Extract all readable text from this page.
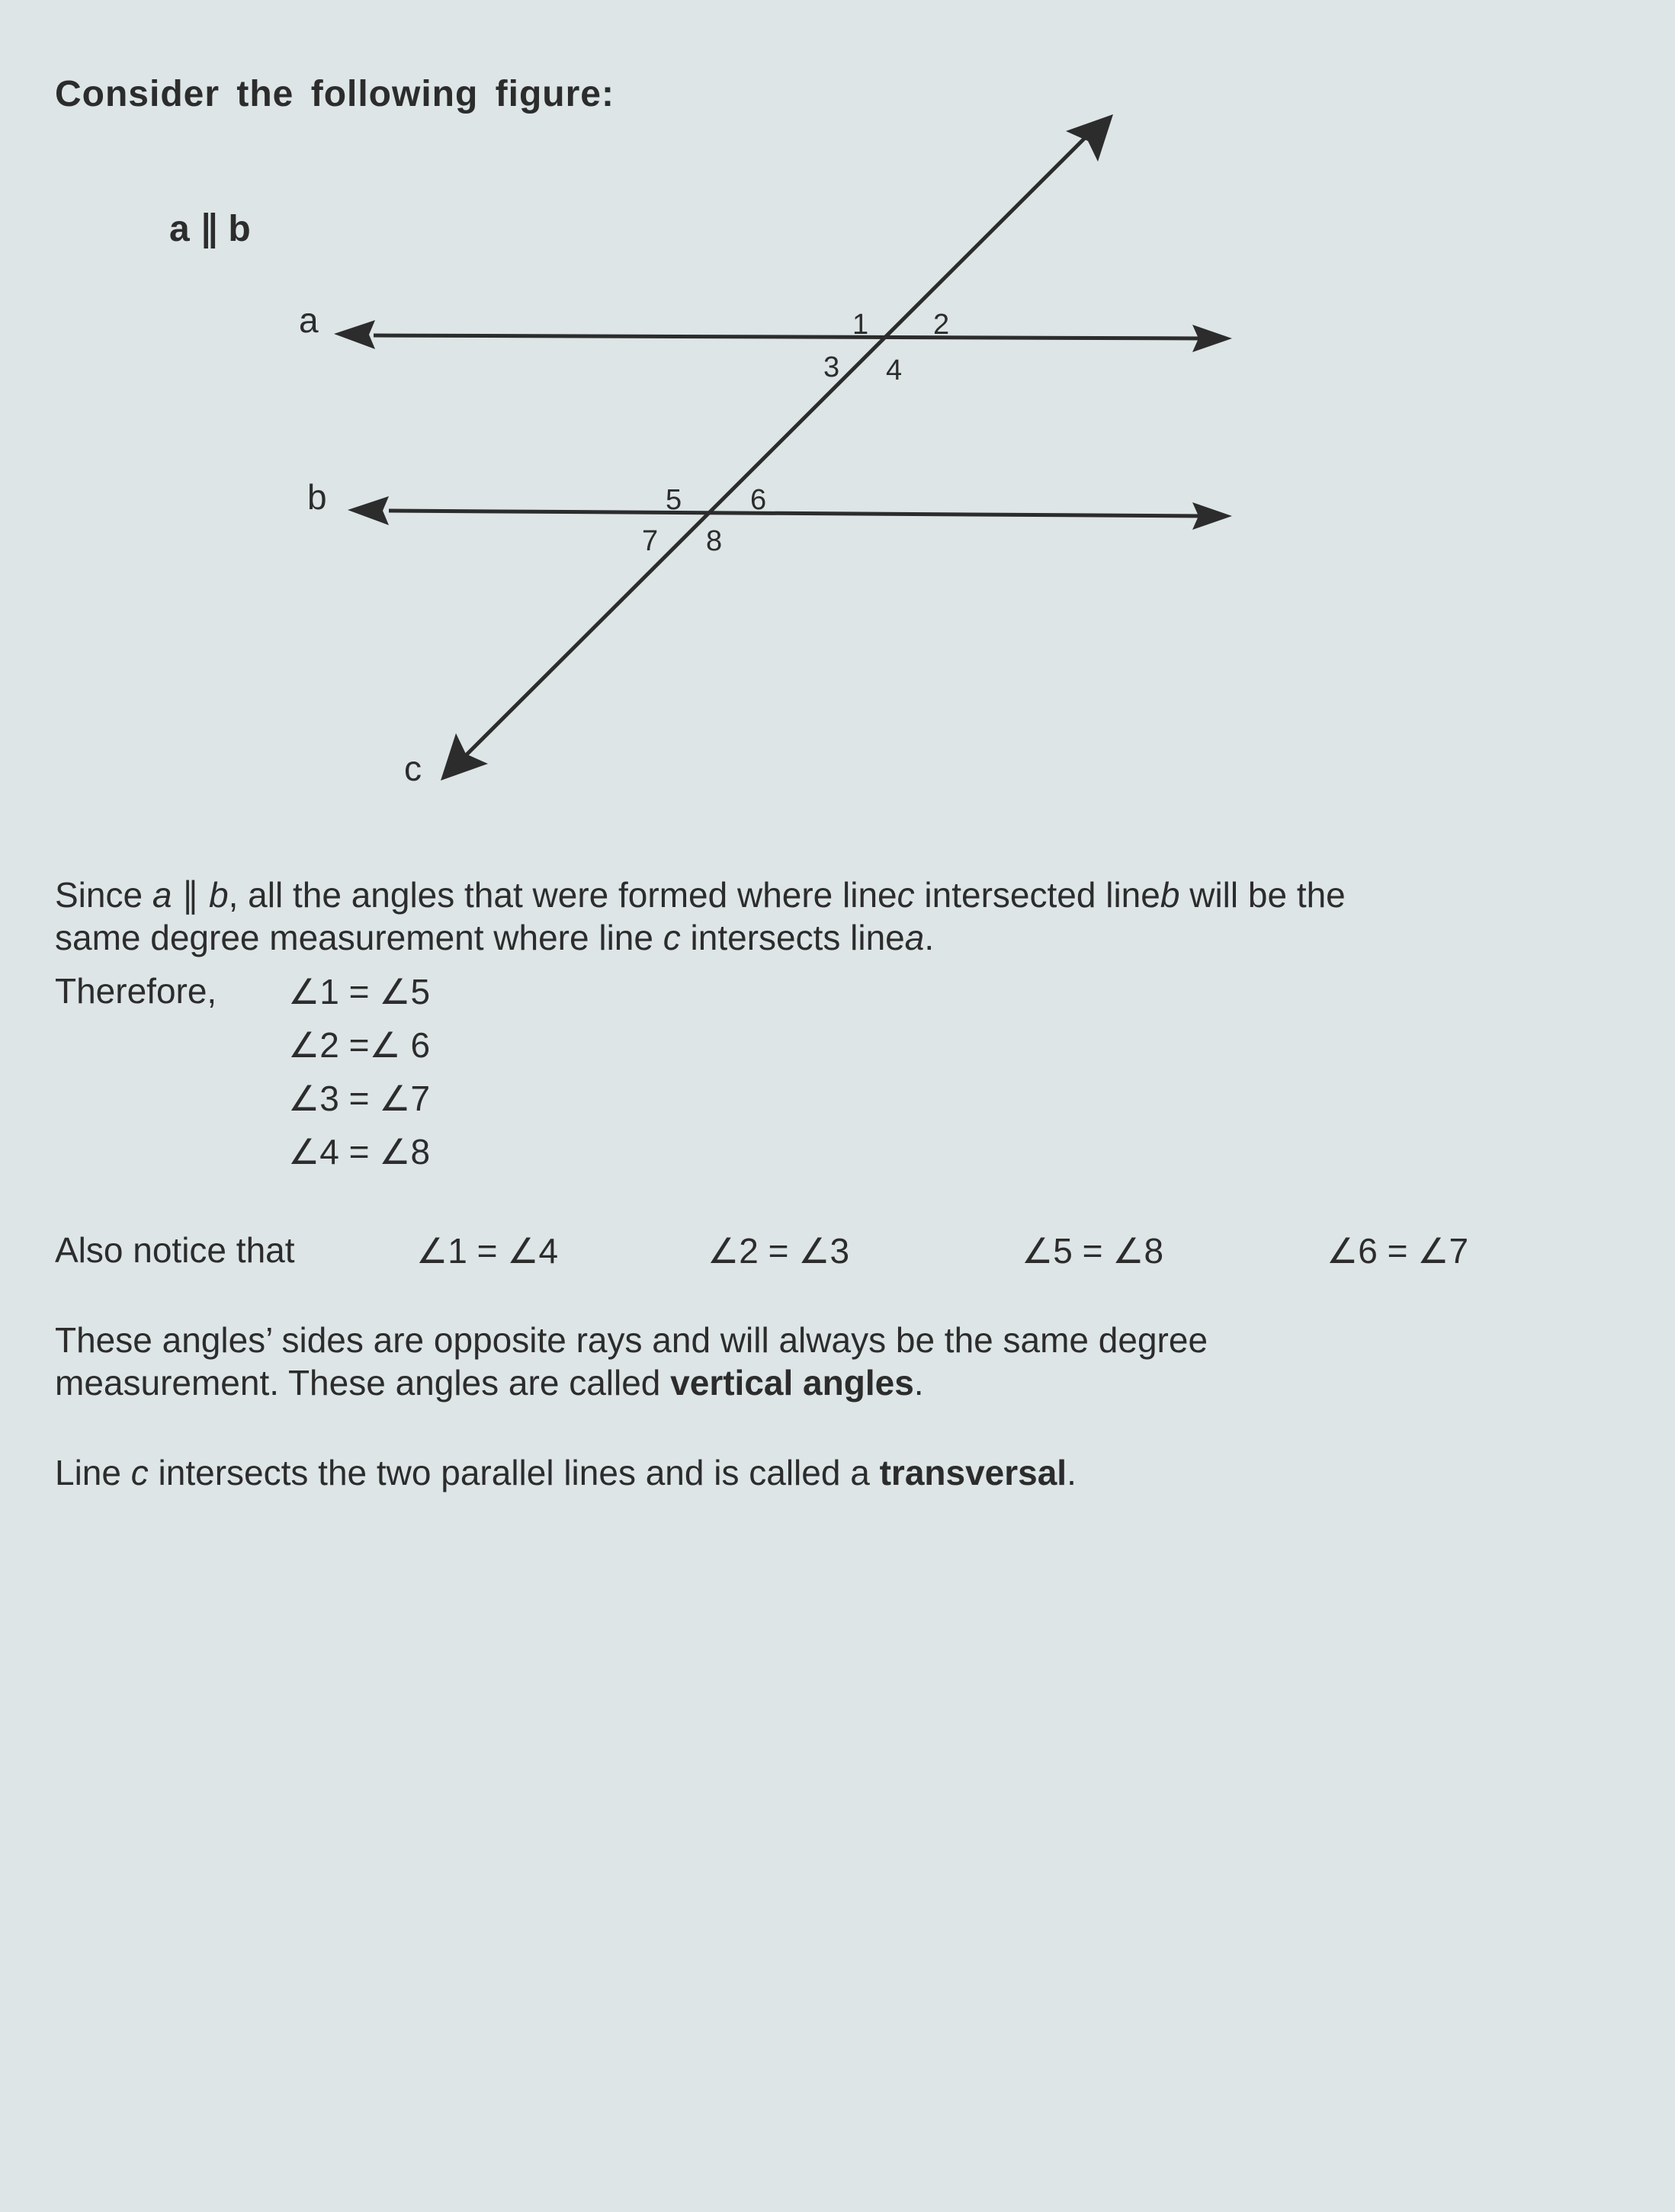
Consider the following figure:
a ∥ b
a
b
c
1 2
3 4
5 6
7 8
Since a ∥ b, all the angles that were formed where linec intersected lineb will be the
same degree measurement where line c intersects linea.
Therefore, ∠1 = ∠5
∠2 =∠ 6
∠3 = ∠7
∠4 = ∠8
Also notice that	∠1 = ∠4	∠2 = ∠3	∠5 = ∠8	∠6 = ∠7
These angles’ sides are opposite rays and will always be the same degree
measurement. These angles are called vertical angles.
Line c intersects the two parallel lines and is called a transversal.
